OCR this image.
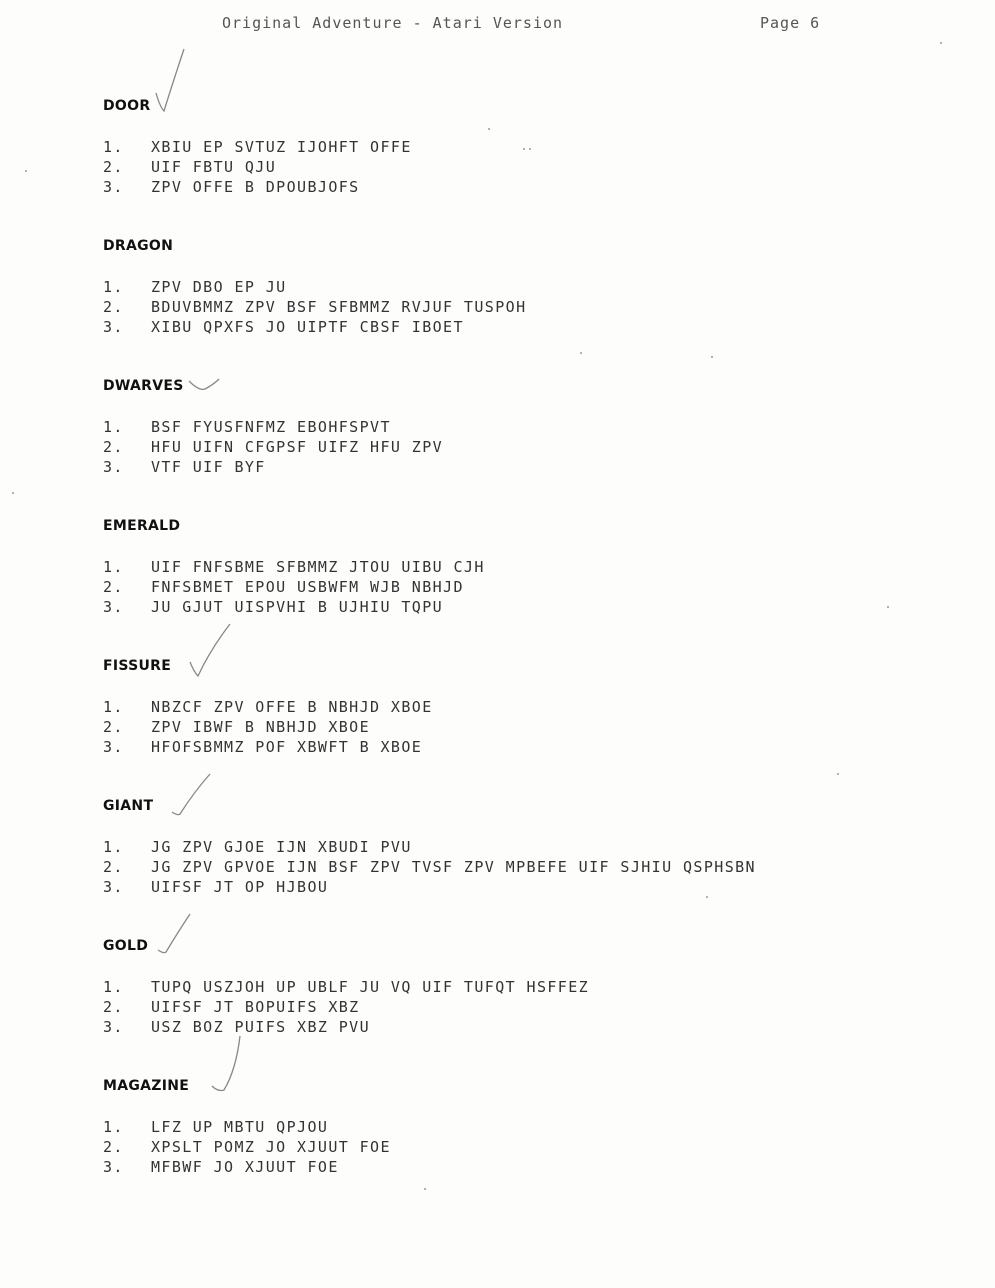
Original Adventure - Atari Version	Page 6
DOOR
1. XBIU EP SVTUZ IJOHFT OFFE
2. UIF FBTU QJU
3. ZPV OFFE B DPOUBJOFS
DRAGON
1. ZPV DBO EP JU
2. BDUVBMMZ ZPV BSF SFBMMZ RVJUF TUSPOH
3. XIBU QPXFS JO UIPTF CBSF IBOET
DWARVES
1. BSF FYUSFNFMZ EBOHFSPVT
2. HFU UIFN CFGPSF UIFZ HFU ZPV
3. VTF UIF BYF
EMERALD
1. UIF FNFSBME SFBMMZ JTOU UIBU CJH
2. FNFSBMET EPOU USBWFM WJB NBHJD
3. JU GJUT UISPVHI B UJHIU TQPU
FISSURE
1. NBZCF ZPV OFFE B NBHJD XBOE
2. ZPV IBWF B NBHJD XBOE
3. HFOFSBMMZ POF XBWFT B XBOE
GIANT
1. JG ZPV GJOE IJN XBUDI PVU
2. JG ZPV GPVOE IJN BSF ZPV TVSF ZPV MPBEFE UIF SJHIU QSPHSBN
3. UIFSF JT OP HJBOU
GOLD
1. TUPQ USZJOH UP UBLF JU VQ UIF TUFQT HSFFEZ
2. UIFSF JT BOPUIFS XBZ
3. USZ BOZ PUIFS XBZ PVU
MAGAZINE
1. LFZ UP MBTU QPJOU
2. XPSLT POMZ JO XJUUT FOE
3. MFBWF JO XJUUT FOE
